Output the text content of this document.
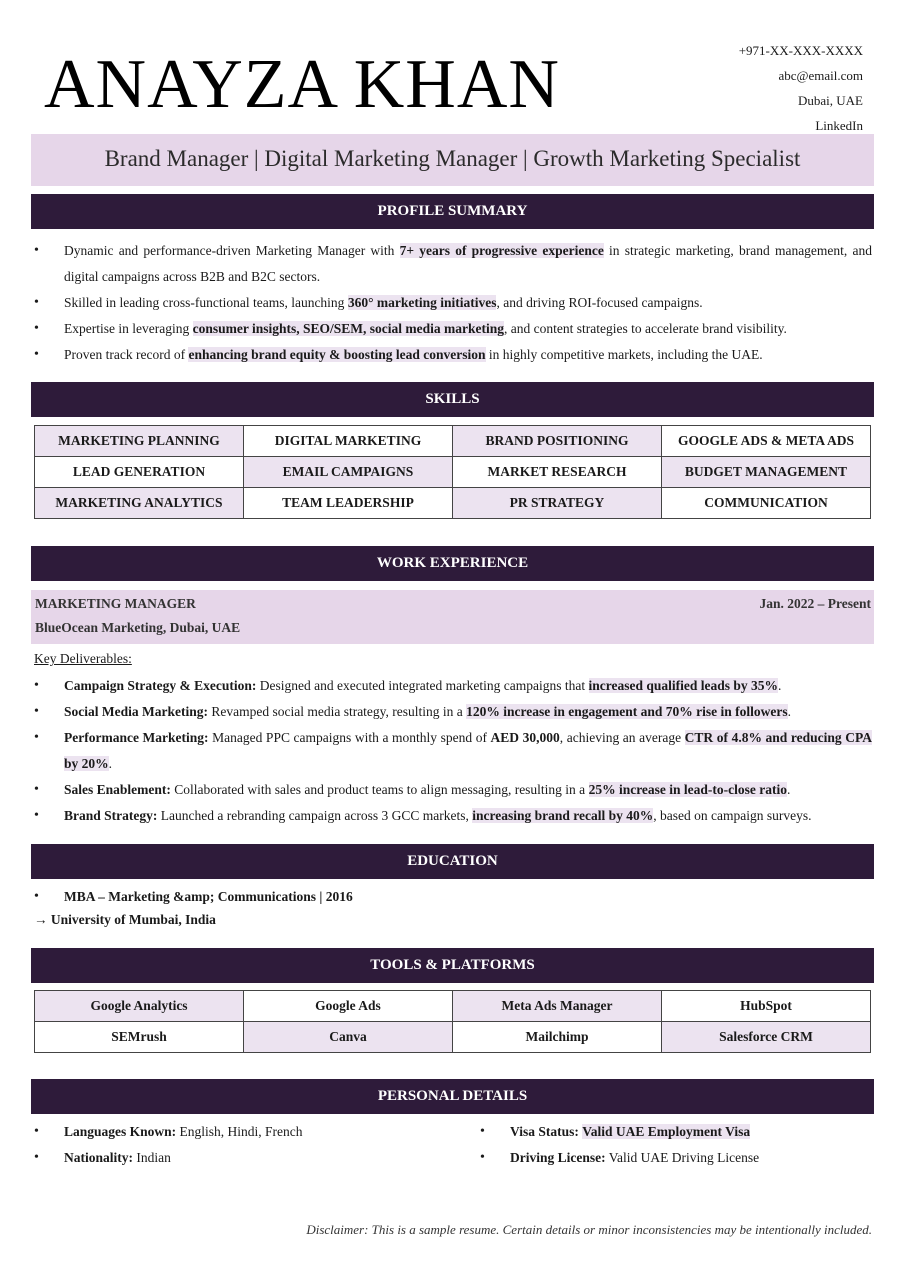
ANAYZA KHAN	+971-XX-XXX-XXXX
abc@email.com
Dubai, UAE
LinkedIn
Brand Manager | Digital Marketing Manager | Growth Marketing Specialist
PROFILE SUMMARY
• Dynamic and performance-driven Marketing Manager with 7+ years of progressive experience in strategic marketing, brand management, and digital campaigns across B2B and B2C sectors.
• Skilled in leading cross-functional teams, launching 360° marketing initiatives, and driving ROI-focused campaigns.
• Expertise in leveraging consumer insights, SEO/SEM, social media marketing, and content strategies to accelerate brand visibility.
• Proven track record of enhancing brand equity & boosting lead conversion in highly competitive markets, including the UAE.
SKILLS
MARKETING PLANNING	DIGITAL MARKETING	BRAND POSITIONING	GOOGLE ADS & META ADS
LEAD GENERATION	EMAIL CAMPAIGNS	MARKET RESEARCH	BUDGET MANAGEMENT
MARKETING ANALYTICS	TEAM LEADERSHIP	PR STRATEGY	COMMUNICATION
WORK EXPERIENCE
MARKETING MANAGER
BlueOcean Marketing, Dubai, UAE
Jan. 2022 – Present
Key Deliverables:
• Campaign Strategy & Execution: Designed and executed integrated marketing campaigns that increased qualified leads by 35%.
• Social Media Marketing: Revamped social media strategy, resulting in a 120% increase in engagement and 70% rise in followers.
• Performance Marketing: Managed PPC campaigns with a monthly spend of AED 30,000, achieving an average CTR of 4.8% and reducing CPA by 20%.
• Sales Enablement: Collaborated with sales and product teams to align messaging, resulting in a 25% increase in lead-to-close ratio.
• Brand Strategy: Launched a rebranding campaign across 3 GCC markets, increasing brand recall by 40%, based on campaign surveys.
EDUCATION
• MBA – Marketing &amp; Communications | 2016
→ University of Mumbai, India
TOOLS & PLATFORMS
Google Analytics	Google Ads	Meta Ads Manager	HubSpot
SEMrush	Canva	Mailchimp	Salesforce CRM
PERSONAL DETAILS
• Languages Known: English, Hindi, French
• Nationality: Indian
• Visa Status: Valid UAE Employment Visa
• Driving License: Valid UAE Driving License
Disclaimer: This is a sample resume. Certain details or minor inconsistencies may be intentionally included.
